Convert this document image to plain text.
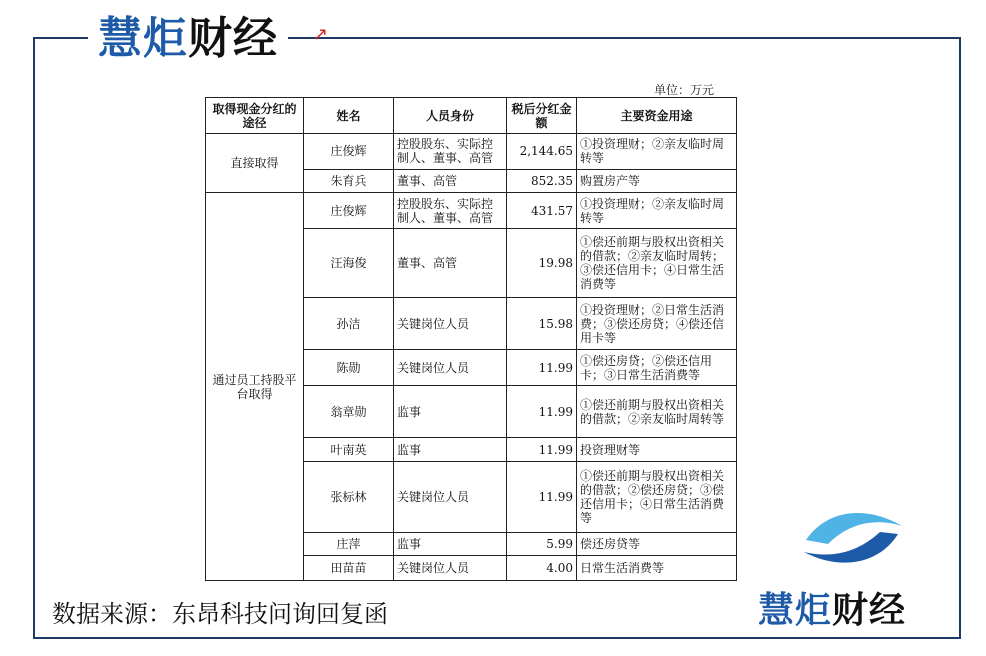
慧炬 财经 ↗
单位：万元
取得现金分红的途径	姓名	人员身份	税后分红金额	主要资金用途
直接取得	庄俊辉	控股股东、实际控制人、董事、高管	2,144.65	①投资理财；②亲友临时周转等
	朱育兵	董事、高管	852.35	购置房产等
通过员工持股平台取得	庄俊辉	控股股东、实际控制人、董事、高管	431.57	①投资理财；②亲友临时周转等
	汪海俊	董事、高管	19.98	①偿还前期与股权出资相关的借款；②亲友临时周转；③偿还信用卡；④日常生活消费等
	孙洁	关键岗位人员	15.98	①投资理财；②日常生活消费；③偿还房贷；④偿还信用卡等
	陈勋	关键岗位人员	11.99	①偿还房贷；②偿还信用卡；③日常生活消费等
	翁章勋	监事	11.99	①偿还前期与股权出资相关的借款；②亲友临时周转等
	叶南英	监事	11.99	投资理财等
	张标林	关键岗位人员	11.99	①偿还前期与股权出资相关的借款；②偿还房贷；③偿还信用卡；④日常生活消费等
	庄萍	监事	5.99	偿还房贷等
	田苗苗	关键岗位人员	4.00	日常生活消费等
数据来源：东昂科技问询回复函	慧炬财经
